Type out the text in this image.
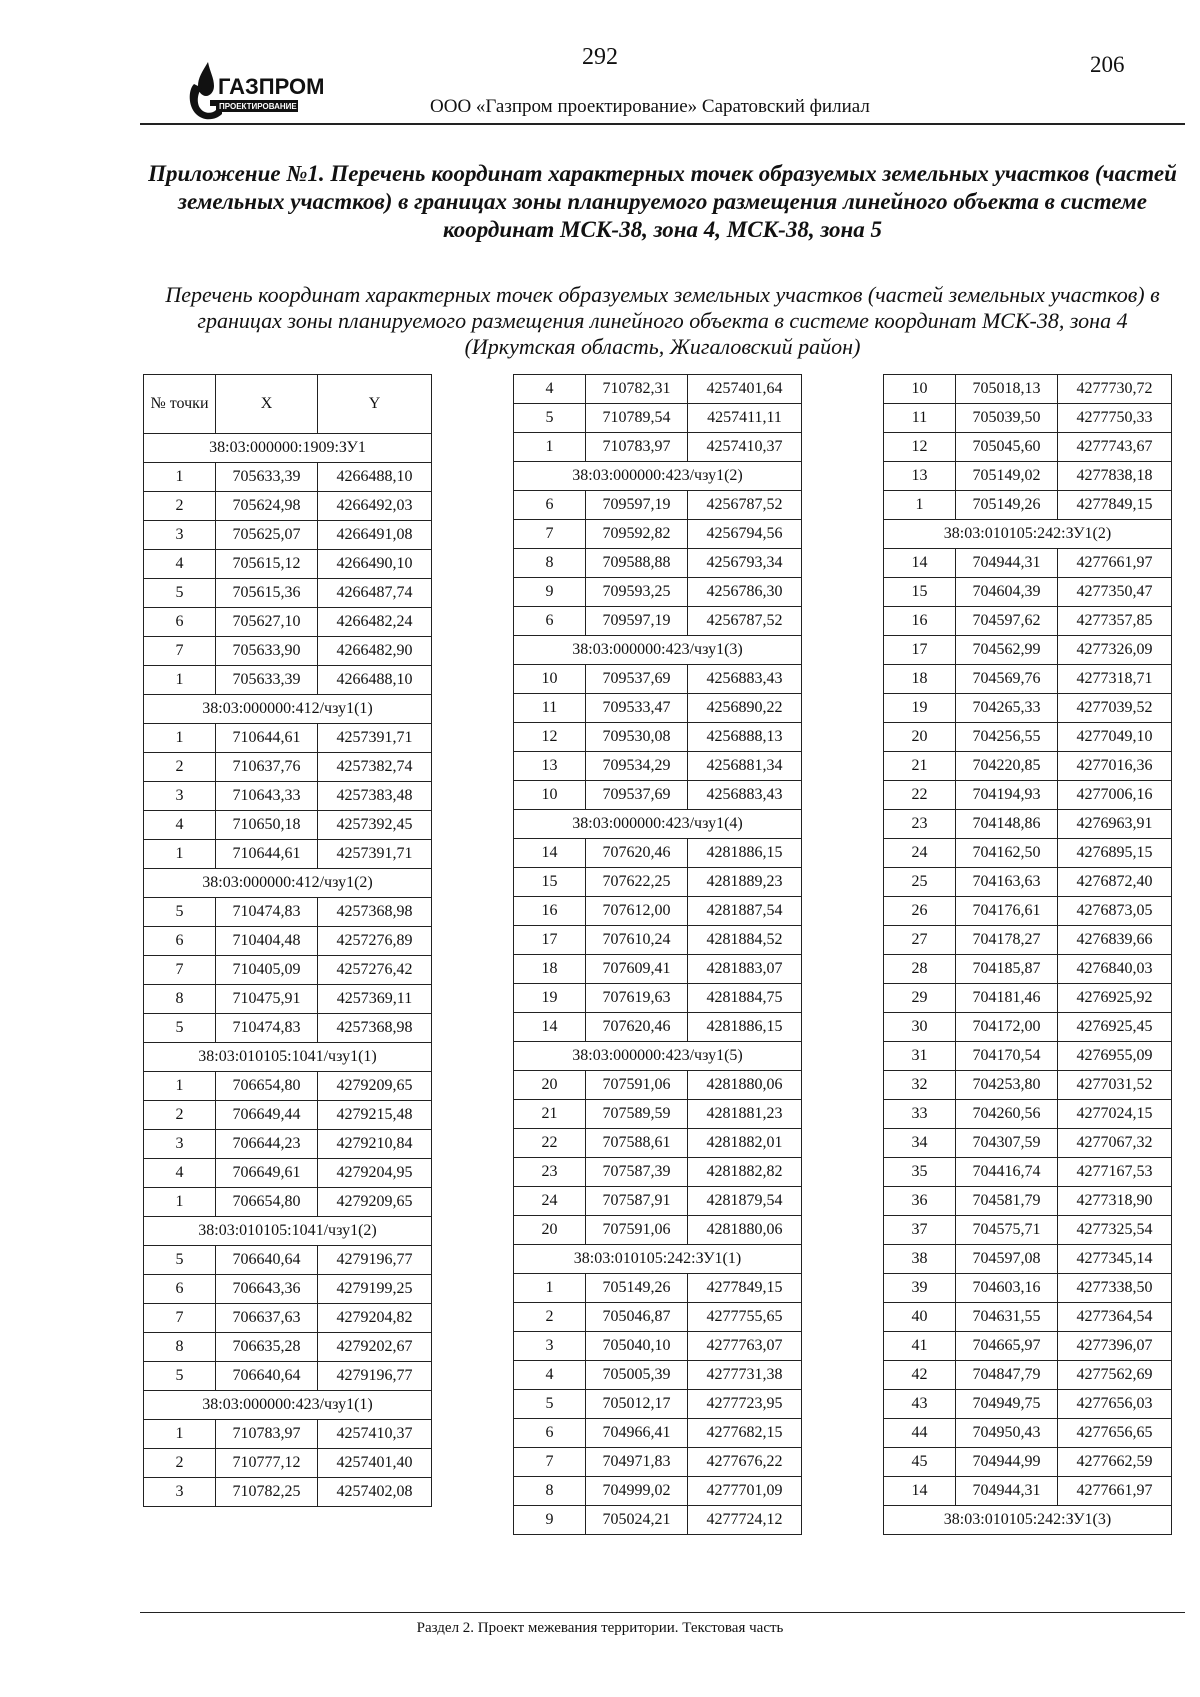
292	206
ГАЗПРОМ
ПРОЕКТИРОВАНИЕ	ООО «Газпром проектирование» Саратовский филиал
Приложение №1. Перечень координат характерных точек образуемых земельных участков (частей земельных участков) в границах зоны планируемого размещения линейного объекта в системе координат МСК-38, зона 4, МСК-38, зона 5
Перечень координат характерных точек образуемых земельных участков (частей земельных участков) в границах зоны планируемого размещения линейного объекта в системе координат МСК-38, зона 4 (Иркутская область, Жигаловский район)
№ точки	X	Y
38:03:000000:1909:ЗУ1		
1	705633,39	4266488,10
2	705624,98	4266492,03
3	705625,07	4266491,08
4	705615,12	4266490,10
5	705615,36	4266487,74
6	705627,10	4266482,24
7	705633,90	4266482,90
1	705633,39	4266488,10
38:03:000000:412/чзу1(1)		
1	710644,61	4257391,71
2	710637,76	4257382,74
3	710643,33	4257383,48
4	710650,18	4257392,45
1	710644,61	4257391,71
38:03:000000:412/чзу1(2)		
5	710474,83	4257368,98
6	710404,48	4257276,89
7	710405,09	4257276,42
8	710475,91	4257369,11
5	710474,83	4257368,98
38:03:010105:1041/чзу1(1)		
1	706654,80	4279209,65
2	706649,44	4279215,48
3	706644,23	4279210,84
4	706649,61	4279204,95
1	706654,80	4279209,65
38:03:010105:1041/чзу1(2)		
5	706640,64	4279196,77
6	706643,36	4279199,25
7	706637,63	4279204,82
8	706635,28	4279202,67
5	706640,64	4279196,77
38:03:000000:423/чзу1(1)		
1	710783,97	4257410,37
2	710777,12	4257401,40
3	710782,25	4257402,08
4	710782,31	4257401,64
5	710789,54	4257411,11
1	710783,97	4257410,37
38:03:000000:423/чзу1(2)		
6	709597,19	4256787,52
7	709592,82	4256794,56
8	709588,88	4256793,34
9	709593,25	4256786,30
6	709597,19	4256787,52
38:03:000000:423/чзу1(3)		
10	709537,69	4256883,43
11	709533,47	4256890,22
12	709530,08	4256888,13
13	709534,29	4256881,34
10	709537,69	4256883,43
38:03:000000:423/чзу1(4)		
14	707620,46	4281886,15
15	707622,25	4281889,23
16	707612,00	4281887,54
17	707610,24	4281884,52
18	707609,41	4281883,07
19	707619,63	4281884,75
14	707620,46	4281886,15
38:03:000000:423/чзу1(5)		
20	707591,06	4281880,06
21	707589,59	4281881,23
22	707588,61	4281882,01
23	707587,39	4281882,82
24	707587,91	4281879,54
20	707591,06	4281880,06
38:03:010105:242:ЗУ1(1)		
1	705149,26	4277849,15
2	705046,87	4277755,65
3	705040,10	4277763,07
4	705005,39	4277731,38
5	705012,17	4277723,95
6	704966,41	4277682,15
7	704971,83	4277676,22
8	704999,02	4277701,09
9	705024,21	4277724,12
10	705018,13	4277730,72
11	705039,50	4277750,33
12	705045,60	4277743,67
13	705149,02	4277838,18
1	705149,26	4277849,15
38:03:010105:242:ЗУ1(2)		
14	704944,31	4277661,97
15	704604,39	4277350,47
16	704597,62	4277357,85
17	704562,99	4277326,09
18	704569,76	4277318,71
19	704265,33	4277039,52
20	704256,55	4277049,10
21	704220,85	4277016,36
22	704194,93	4277006,16
23	704148,86	4276963,91
24	704162,50	4276895,15
25	704163,63	4276872,40
26	704176,61	4276873,05
27	704178,27	4276839,66
28	704185,87	4276840,03
29	704181,46	4276925,92
30	704172,00	4276925,45
31	704170,54	4276955,09
32	704253,80	4277031,52
33	704260,56	4277024,15
34	704307,59	4277067,32
35	704416,74	4277167,53
36	704581,79	4277318,90
37	704575,71	4277325,54
38	704597,08	4277345,14
39	704603,16	4277338,50
40	704631,55	4277364,54
41	704665,97	4277396,07
42	704847,79	4277562,69
43	704949,75	4277656,03
44	704950,43	4277656,65
45	704944,99	4277662,59
14	704944,31	4277661,97
38:03:010105:242:ЗУ1(3)		
Раздел 2. Проект межевания территории. Текстовая часть
